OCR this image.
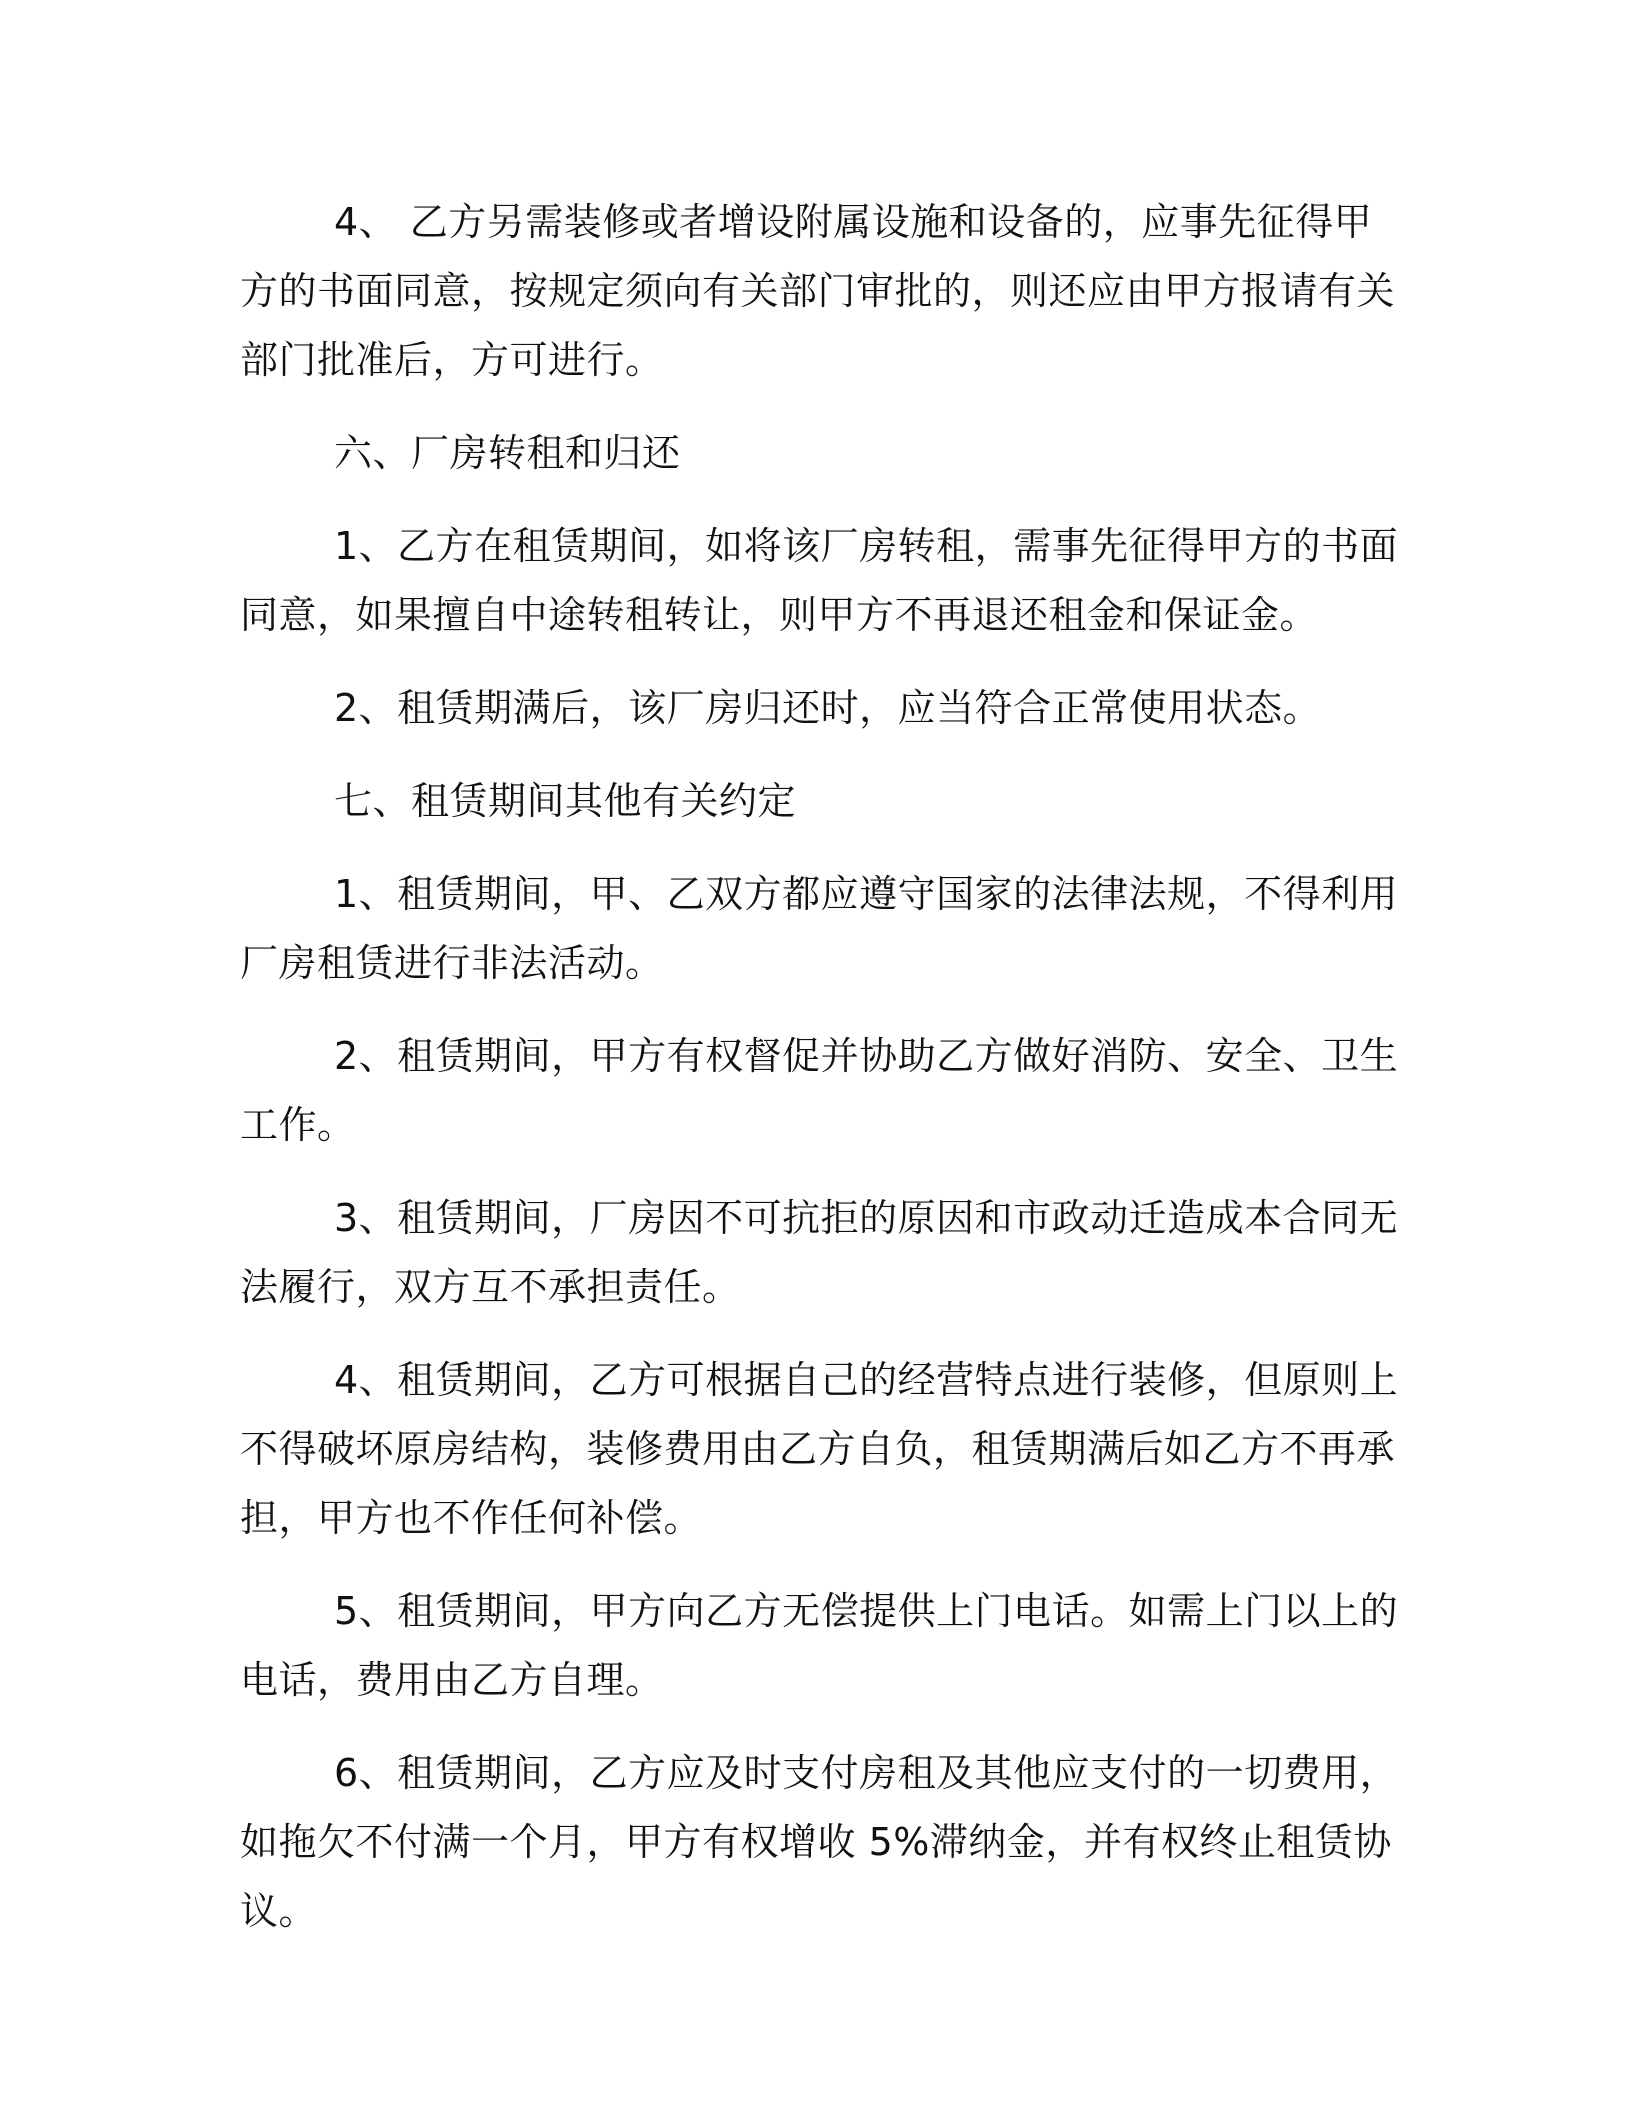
4、 乙方另需装修或者增设附属设施和设备的，应事先征得甲方的书面同意，按规定须向有关部门审批的，则还应由甲方报请有关部门批准后，方可进行。

六、厂房转租和归还

1、乙方在租赁期间，如将该厂房转租，需事先征得甲方的书面同意，如果擅自中途转租转让，则甲方不再退还租金和保证金。

2、租赁期满后，该厂房归还时，应当符合正常使用状态。

七、租赁期间其他有关约定

1、租赁期间，甲、乙双方都应遵守国家的法律法规，不得利用厂房租赁进行非法活动。

2、租赁期间，甲方有权督促并协助乙方做好消防、安全、卫生工作。

3、租赁期间，厂房因不可抗拒的原因和市政动迁造成本合同无法履行，双方互不承担责任。

4、租赁期间，乙方可根据自己的经营特点进行装修，但原则上不得破坏原房结构，装修费用由乙方自负，租赁期满后如乙方不再承担，甲方也不作任何补偿。

5、租赁期间，甲方向乙方无偿提供上门电话。如需上门以上的电话，费用由乙方自理。

6、租赁期间，乙方应及时支付房租及其他应支付的一切费用，如拖欠不付满一个月，甲方有权增收 5%滞纳金，并有权终止租赁协议。
